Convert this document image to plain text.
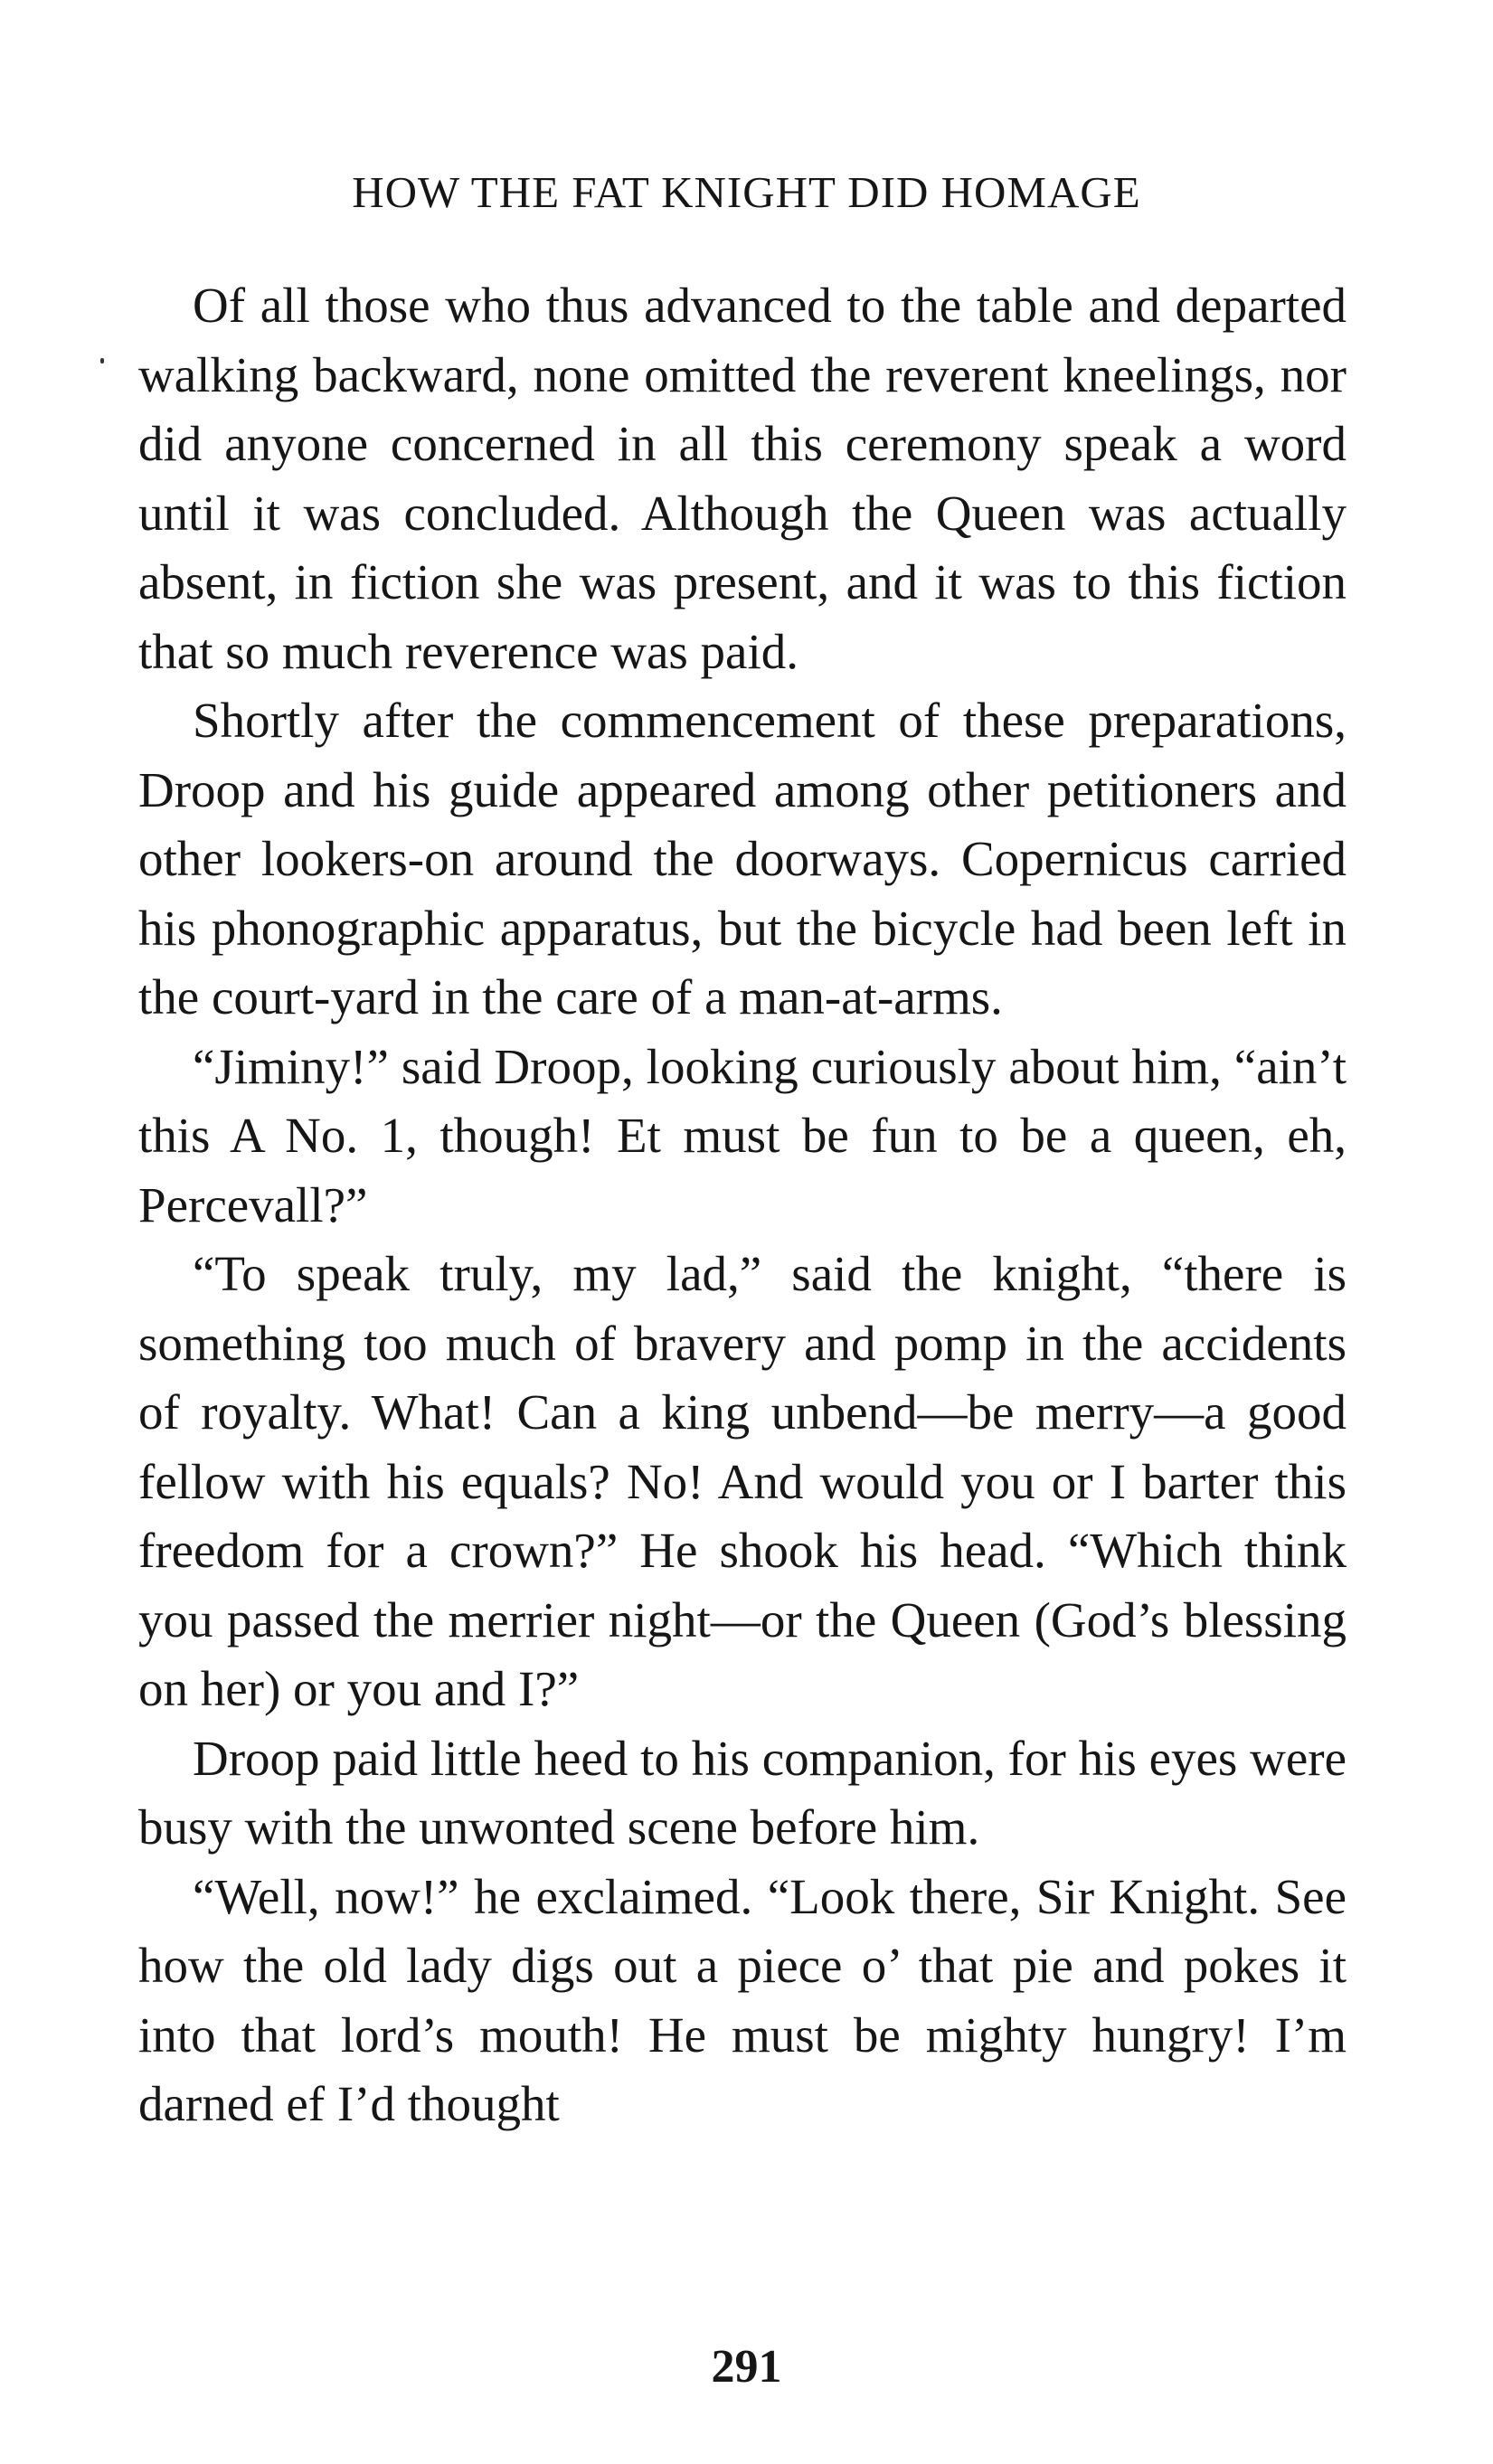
HOW THE FAT KNIGHT DID HOMAGE

Of all those who thus advanced to the table and departed walking backward, none omitted the reverent kneelings, nor did anyone concerned in all this ceremony speak a word until it was concluded. Although the Queen was actually absent, in fiction she was present, and it was to this fiction that so much reverence was paid.

Shortly after the commencement of these preparations, Droop and his guide appeared among other petitioners and other lookers-on around the doorways. Copernicus carried his phonographic apparatus, but the bicycle had been left in the court-yard in the care of a man-at-arms.

“Jiminy!” said Droop, looking curiously about him, “ain’t this A No. 1, though! Et must be fun to be a queen, eh, Percevall?”

“To speak truly, my lad,” said the knight, “there is something too much of bravery and pomp in the accidents of royalty. What! Can a king unbend—be merry—a good fellow with his equals? No! And would you or I barter this freedom for a crown?” He shook his head. “Which think you passed the merrier night—or the Queen (God’s blessing on her) or you and I?”

Droop paid little heed to his companion, for his eyes were busy with the unwonted scene before him.

“Well, now!” he exclaimed. “Look there, Sir Knight. See how the old lady digs out a piece o’ that pie and pokes it into that lord’s mouth! He must be mighty hungry! I’m darned ef I’d thought

291
